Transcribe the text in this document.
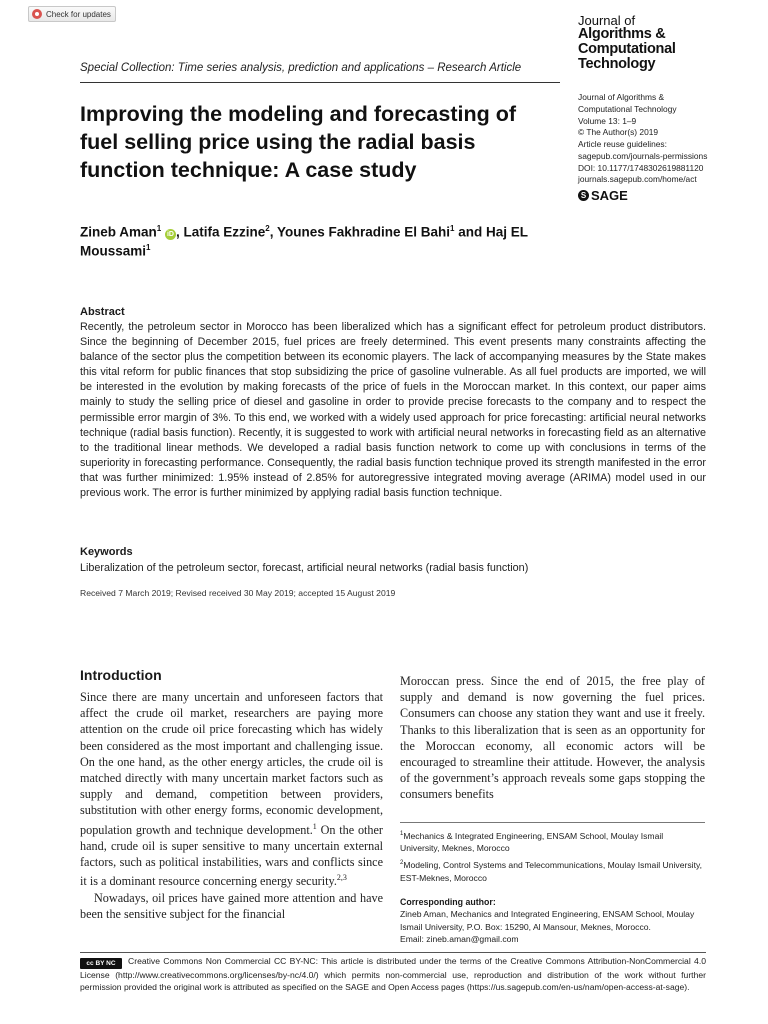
Check for updates	Journal of
Algorithms &
Computational
Technology
Special Collection: Time series analysis, prediction and applications – Research Article
Improving the modeling and forecasting of fuel selling price using the radial basis function technique: A case study
Journal of Algorithms &
Computational Technology
Volume 13: 1–9
© The Author(s) 2019
Article reuse guidelines:
sagepub.com/journals-permissions
DOI: 10.1177/1748302619881120
journals.sagepub.com/home/act
S SAGE
Zineb Aman$^1$ iD , Latifa Ezzine$^2$, Younes Fakhradine El Bahi$^1$ and Haj EL Moussami$^1$
Abstract
Recently, the petroleum sector in Morocco has been liberalized which has a significant effect for petroleum product distributors. Since the beginning of December 2015, fuel prices are freely determined. This event presents many constraints affecting the balance of the sector plus the competition between its economic players. The lack of accompanying measures by the State makes this vital reform for public finances that stop subsidizing the price of gasoline vulnerable. As all fuel products are imported, we will be interested in the evolution by making forecasts of the price of fuels in the Moroccan market. In this context, our paper aims mainly to study the selling price of diesel and gasoline in order to provide precise forecasts to the company and to respect the permissible error margin of 3%. To this end, we worked with a widely used approach for price forecasting: artificial neural networks technique (radial basis function). Recently, it is suggested to work with artificial neural networks in forecasting field as an alternative to the traditional linear methods. We developed a radial basis function network to come up with conclusions in terms of the superiority in forecasting performance. Consequently, the radial basis function technique proved its strength manifested in the error that was further minimized: 1.95% instead of 2.85% for autoregressive integrated moving average (ARIMA) model used in our previous work. The error is further minimized by applying radial basis function technique.
Keywords
Liberalization of the petroleum sector, forecast, artificial neural networks (radial basis function)
Received 7 March 2019; Revised received 30 May 2019; accepted 15 August 2019
Introduction

Since there are many uncertain and unforeseen factors that affect the crude oil market, researchers are paying more attention on the crude oil price forecasting which has widely been considered as the most important and challenging issue. On the one hand, as the other energy articles, the crude oil is matched directly with many uncertain market factors such as supply and demand, competition between providers, substitution with other energy forms, economic development, population growth and technique development.$^1$ On the other hand, crude oil is super sensitive to many uncertain external factors, such as political instabilities, wars and conflicts since it is a dominant resource concerning energy security.$^{2,3}$

Nowadays, oil prices have gained more attention and have been the sensitive subject for the financial

Moroccan press. Since the end of 2015, the free play of supply and demand is now governing the fuel prices. Consumers can choose any station they want and use it freely. Thanks to this liberalization that is seen as an opportunity for the Moroccan economy, all economic actors will be encouraged to streamline their attitude. However, the analysis of the government’s approach reveals some gaps stopping the consumers benefits

$^1$Mechanics & Integrated Engineering, ENSAM School, Moulay Ismail University, Meknes, Morocco

$^2$Modeling, Control Systems and Telecommunications, Moulay Ismail University, EST-Meknes, Morocco

Corresponding author:
Zineb Aman, Mechanics and Integrated Engineering, ENSAM School, Moulay Ismail University, P.O. Box: 15290, Al Mansour, Meknes, Morocco.
Email: zineb.aman@gmail.com
cc BY NC Creative Commons Non Commercial CC BY-NC: This article is distributed under the terms of the Creative Commons Attribution-NonCommercial 4.0 License (http://www.creativecommons.org/licenses/by-nc/4.0/) which permits non-commercial use, reproduction and distribution of the work without further permission provided the original work is attributed as specified on the SAGE and Open Access pages (https://us.sagepub.com/en-us/nam/open-access-at-sage).
